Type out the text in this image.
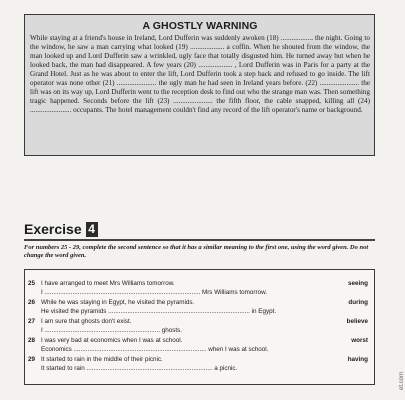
A GHOSTLY WARNING

While staying at a friend's house in Ireland, Lord Dufferin was suddenly awoken (18) .................. the night. Going to the window, he saw a man carrying what looked (19) ................... a coffin. When he shouted from the window, the man looked up and Lord Dufferin saw a wrinkled, ugly face that totally disgusted him. He turned away but when he looked back, the man had disappeared. A few years (20) ................... , Lord Dufferin was in Paris for a party at the Grand Hotel. Just as he was about to enter the lift, Lord Dufferin took a step back and refused to go inside. The lift operator was none other (21) ...................... the ugly man he had seen in Ireland years before. (22) ...................... the lift was on its way up, Lord Dufferin went to the reception desk to find out who the strange man was. Then something tragic happened. Seconds before the lift (23) ...................... the fifth floor, the cable snapped, killing all (24) ....................... occupants. The hotel management couldn't find any record of the lift operator's name or background.

Exercise 4

For numbers 25 - 29, complete the second sentence so that it has a similar meaning to the first one, using the word given. Do not change the word given.

25 I have arranged to meet Mrs Williams tomorrow.
I ......................................................................................... Mrs Williams tomorrow.
seeing
26 While he was staying in Egypt, he visited the pyramids.
He visited the pyramids ................................................................................. in Egypt.
during
27 I am sure that ghosts don't exist.
I .................................................................. ghosts.
believe
28 I was very bad at economics when I was at school.
Economics ............................................................................ when I was at school.
worst
29 It started to rain in the middle of their picnic.
It started to rain ........................................................................ a picnic.
having
et.com
